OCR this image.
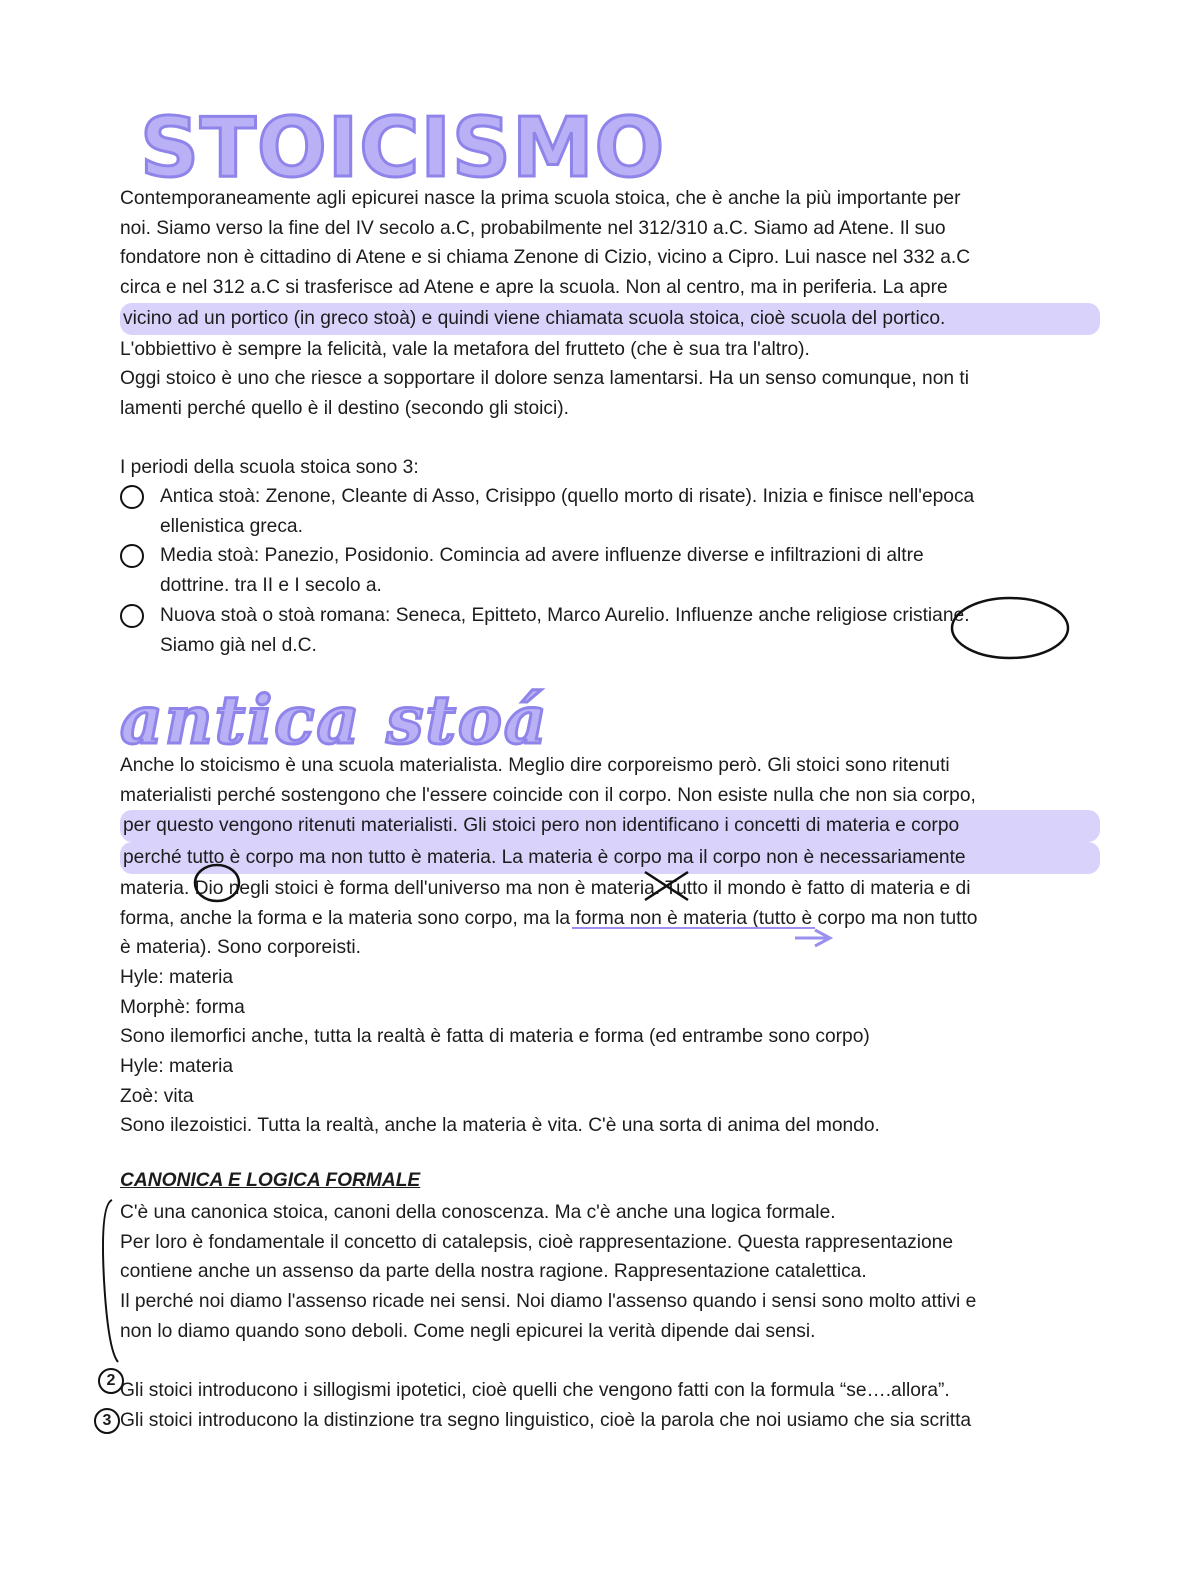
STOICISMO

Contemporaneamente agli epicurei nasce la prima scuola stoica, che è anche la più importante per

noi. Siamo verso la fine del IV secolo a.C, probabilmente nel 312/310 a.C. Siamo ad Atene. Il suo

fondatore non è cittadino di Atene e si chiama Zenone di Cizio, vicino a Cipro. Lui nasce nel 332 a.C

circa e nel 312 a.C si trasferisce ad Atene e apre la scuola. Non al centro, ma in periferia. La apre

vicino ad un portico (in greco stoà) e quindi viene chiamata scuola stoica, cioè scuola del portico.

L'obbiettivo è sempre la felicità, vale la metafora del frutteto (che è sua tra l'altro).

Oggi stoico è uno che riesce a sopportare il dolore senza lamentarsi. Ha un senso comunque, non ti

lamenti perché quello è il destino (secondo gli stoici).

I periodi della scuola stoica sono 3:

Antica stoà: Zenone, Cleante di Asso, Crisippo (quello morto di risate). Inizia e finisce nell'epoca

ellenistica greca.

Media stoà: Panezio, Posidonio. Comincia ad avere influenze diverse e infiltrazioni di altre

dottrine. tra II e I secolo a.

Nuova stoà o stoà romana: Seneca, Epitteto, Marco Aurelio. Influenze anche religiose cristiane.

Siamo già nel d.C.

antica stoá

Anche lo stoicismo è una scuola materialista. Meglio dire corporeismo però. Gli stoici sono ritenuti

materialisti perché sostengono che l'essere coincide con il corpo. Non esiste nulla che non sia corpo,

per questo vengono ritenuti materialisti. Gli stoici pero non identificano i concetti di materia e corpo

perché tutto è corpo ma non tutto è materia. La materia è corpo ma il corpo non è necessariamente

materia. Dio negli stoici è forma dell'universo ma non è materia. Tutto il mondo è fatto di materia e di

forma, anche la forma e la materia sono corpo, ma la forma non è materia (tutto è corpo ma non tutto

è materia). Sono corporeisti.

Hyle: materia

Morphè: forma

Sono ilemorfici anche, tutta la realtà è fatta di materia e forma (ed entrambe sono corpo)

Hyle: materia

Zoè: vita

Sono ilezoistici. Tutta la realtà, anche la materia è vita. C'è una sorta di anima del mondo.

CANONICA E LOGICA FORMALE

C'è una canonica stoica, canoni della conoscenza. Ma c'è anche una logica formale.

Per loro è fondamentale il concetto di catalepsis, cioè rappresentazione. Questa rappresentazione

contiene anche un assenso da parte della nostra ragione. Rappresentazione catalettica.

Il perché noi diamo l'assenso ricade nei sensi. Noi diamo l'assenso quando i sensi sono molto attivi e

non lo diamo quando sono deboli. Come negli epicurei la verità dipende dai sensi.

2 Gli stoici introducono i sillogismi ipotetici, cioè quelli che vengono fatti con la formula “se….allora”.

3 Gli stoici introducono la distinzione tra segno linguistico, cioè la parola che noi usiamo che sia scritta
